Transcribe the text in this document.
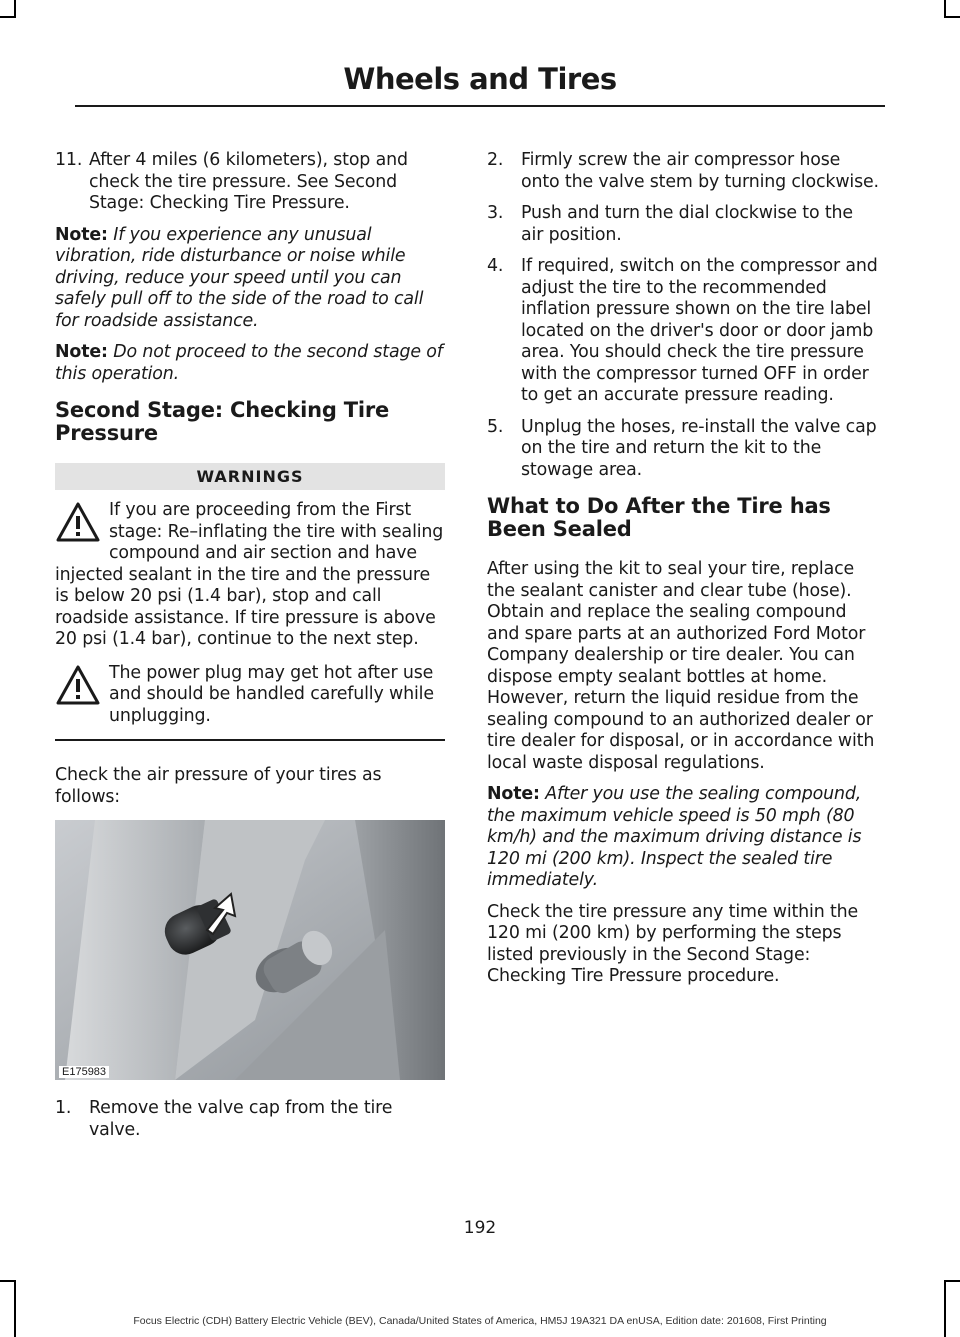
Wheels and Tires
11. After 4 miles (6 kilometers), stop and check the tire pressure. See Second Stage: Checking Tire Pressure.

Note: If you experience any unusual vibration, ride disturbance or noise while driving, reduce your speed until you can safely pull off to the side of the road to call for roadside assistance.

Note: Do not proceed to the second stage of this operation.

Second Stage: Checking Tire Pressure
WARNINGS
If you are proceeding from the First stage: Re–inflating the tire with sealing compound and air section and have injected sealant in the tire and the pressure is below 20 psi (1.4 bar), stop and call roadside assistance. If tire pressure is above 20 psi (1.4 bar), continue to the next step.
The power plug may get hot after use and should be handled carefully while unplugging.

Check the air pressure of your tires as follows:

E175983
1.	Remove the valve cap from the tire valve.
2.	Firmly screw the air compressor hose onto the valve stem by turning clockwise.
3.	Push and turn the dial clockwise to the air position.
4.	If required, switch on the compressor and adjust the tire to the recommended inflation pressure shown on the tire label located on the driver's door or door jamb area. You should check the tire pressure with the compressor turned OFF in order to get an accurate pressure reading.
5.	Unplug the hoses, re-install the valve cap on the tire and return the kit to the stowage area.
What to Do After the Tire has Been Sealed

After using the kit to seal your tire, replace the sealant canister and clear tube (hose). Obtain and replace the sealing compound and spare parts at an authorized Ford Motor Company dealership or tire dealer. You can dispose empty sealant bottles at home. However, return the liquid residue from the sealing compound to an authorized dealer or tire dealer for disposal, or in accordance with local waste disposal regulations.

Note: After you use the sealing compound, the maximum vehicle speed is 50 mph (80 km/h) and the maximum driving distance is 120 mi (200 km). Inspect the sealed tire immediately.

Check the tire pressure any time within the 120 mi (200 km) by performing the steps listed previously in the Second Stage: Checking Tire Pressure procedure.

192
Focus Electric (CDH) Battery Electric Vehicle (BEV), Canada/United States of America, HM5J 19A321 DA enUSA, Edition date: 201608, First Printing
